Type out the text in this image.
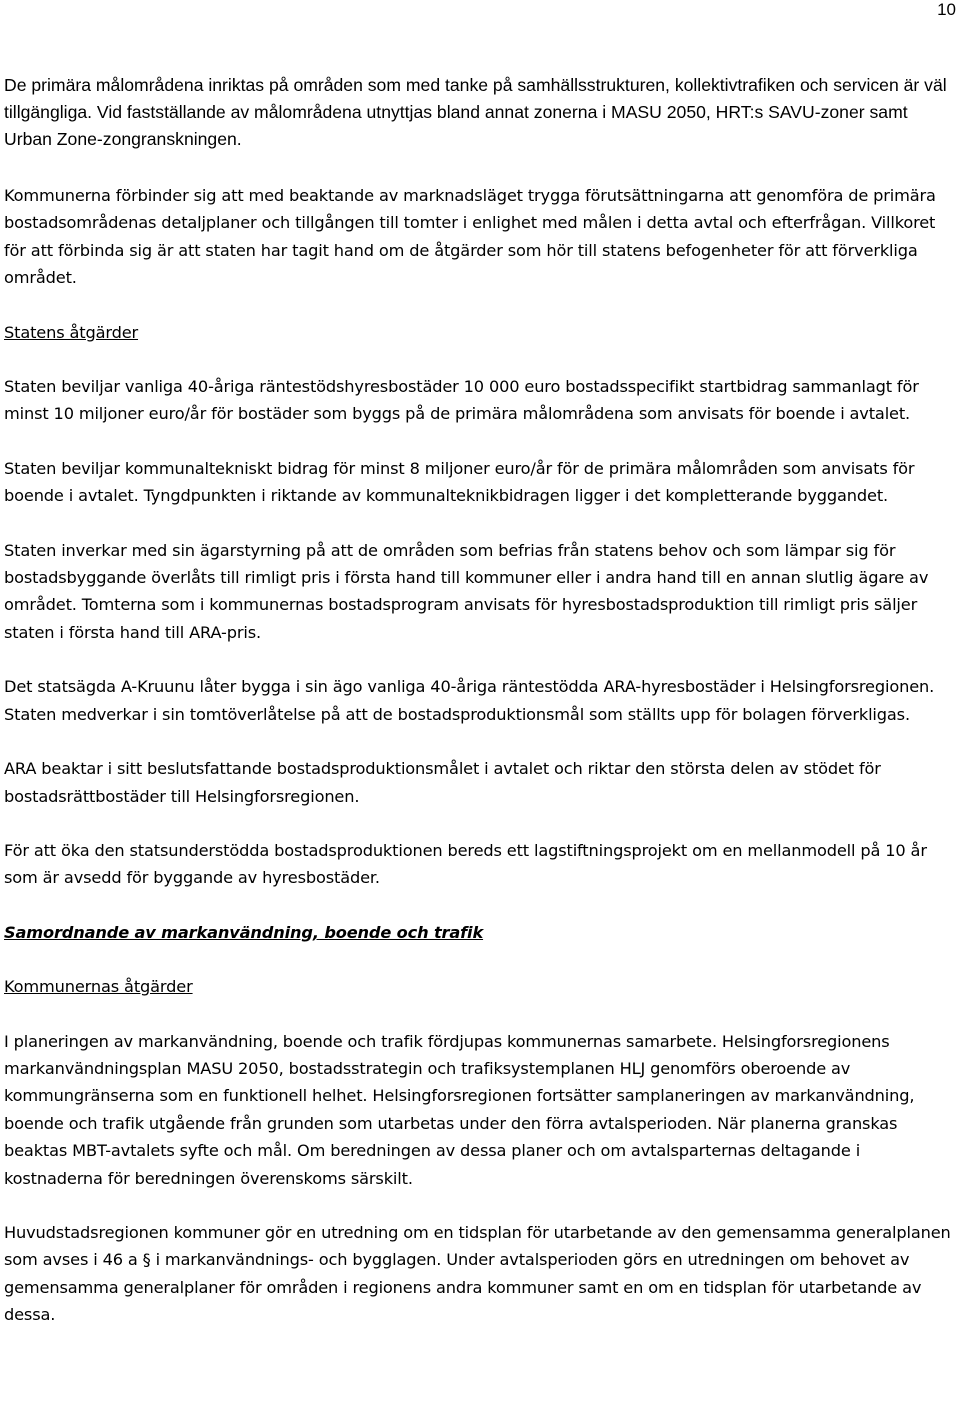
10

De primära målområdena inriktas på områden som med tanke på samhällsstrukturen, kollektivtrafiken och servicen är väl tillgängliga. Vid fastställande av målområdena utnyttjas bland annat zonerna i MASU 2050, HRT:s SAVU-zoner samt Urban Zone-zongranskningen.

Kommunerna förbinder sig att med beaktande av marknadsläget trygga förutsättningarna att genomföra de primära bostadsområdenas detaljplaner och tillgången till tomter i enlighet med målen i detta avtal och efterfrågan. Villkoret för att förbinda sig är att staten har tagit hand om de åtgärder som hör till statens befogenheter för att förverkliga området.

Statens åtgärder

Staten beviljar vanliga 40-åriga räntestödshyresbostäder 10 000 euro bostadsspecifikt startbidrag sammanlagt för minst 10 miljoner euro/år för bostäder som byggs på de primära målområdena som anvisats för boende i avtalet.

Staten beviljar kommunaltekniskt bidrag för minst 8 miljoner euro/år för de primära målområden som anvisats för boende i avtalet. Tyngdpunkten i riktande av kommunalteknikbidragen ligger i det kompletterande byggandet.

Staten inverkar med sin ägarstyrning på att de områden som befrias från statens behov och som lämpar sig för bostadsbyggande överlåts till rimligt pris i första hand till kommuner eller i andra hand till en annan slutlig ägare av området. Tomterna som i kommunernas bostadsprogram anvisats för hyresbostadsproduktion till rimligt pris säljer staten i första hand till ARA-pris.

Det statsägda A-Kruunu låter bygga i sin ägo vanliga 40-åriga räntestödda ARA-hyresbostäder i Helsingforsregionen. Staten medverkar i sin tomtöverlåtelse på att de bostadsproduktionsmål som ställts upp för bolagen förverkligas.

ARA beaktar i sitt beslutsfattande bostadsproduktionsmålet i avtalet och riktar den största delen av stödet för bostadsrättbostäder till Helsingforsregionen.

För att öka den statsunderstödda bostadsproduktionen bereds ett lagstiftningsprojekt om en mellanmodell på 10 år som är avsedd för byggande av hyresbostäder.

Samordnande av markanvändning, boende och trafik

Kommunernas åtgärder

I planeringen av markanvändning, boende och trafik fördjupas kommunernas samarbete. Helsingforsregionens markanvändningsplan MASU 2050, bostadsstrategin och trafiksystemplanen HLJ genomförs oberoende av kommungränserna som en funktionell helhet. Helsingforsregionen fortsätter samplaneringen av markanvändning, boende och trafik utgående från grunden som utarbetas under den förra avtalsperioden. När planerna granskas beaktas MBT-avtalets syfte och mål. Om beredningen av dessa planer och om avtalsparternas deltagande i kostnaderna för beredningen överenskoms särskilt.

Huvudstadsregionen kommuner gör en utredning om en tidsplan för utarbetande av den gemensamma generalplanen som avses i 46 a § i markanvändnings- och bygglagen. Under avtalsperioden görs en utredningen om behovet av gemensamma generalplaner för områden i regionens andra kommuner samt en om en tidsplan för utarbetande av dessa.
